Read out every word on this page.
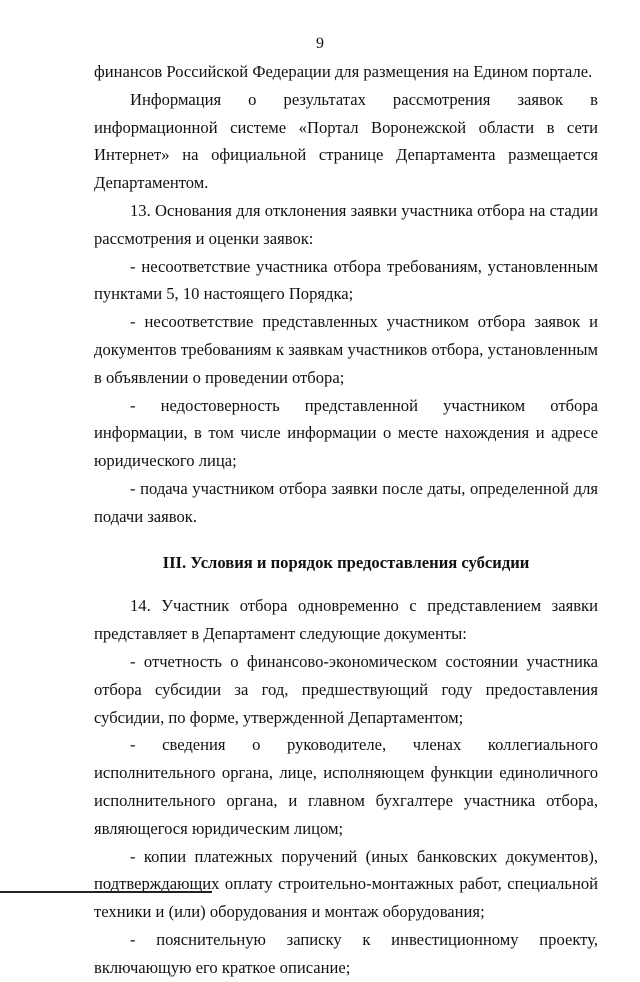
9

финансов Российской Федерации для размещения на Едином портале.

Информация о результатах рассмотрения заявок в информационной системе «Портал Воронежской области в сети Интернет» на официальной странице Департамента размещается Департаментом.

13. Основания для отклонения заявки участника отбора на стадии рассмотрения и оценки заявок:

- несоответствие участника отбора требованиям, установленным пунктами 5, 10 настоящего Порядка;

- несоответствие представленных участником отбора заявок и документов требованиям к заявкам участников отбора, установленным в объявлении о проведении отбора;

- недостоверность представленной участником отбора информации, в том числе информации о месте нахождения и адресе юридического лица;

- подача участником отбора заявки после даты, определенной для подачи заявок.

III. Условия и порядок предоставления субсидии

14. Участник отбора одновременно с представлением заявки представляет в Департамент следующие документы:

- отчетность о финансово-экономическом состоянии участника отбора субсидии за год, предшествующий году предоставления субсидии, по форме, утвержденной Департаментом;

- сведения о руководителе, членах коллегиального исполнительного органа, лице, исполняющем функции единоличного исполнительного органа, и главном бухгалтере участника отбора, являющегося юридическим лицом;

- копии платежных поручений (иных банковских документов), подтверждающих оплату строительно-монтажных работ, специальной техники и (или) оборудования и монтаж оборудования;

- пояснительную записку к инвестиционному проекту, включающую его краткое описание;
